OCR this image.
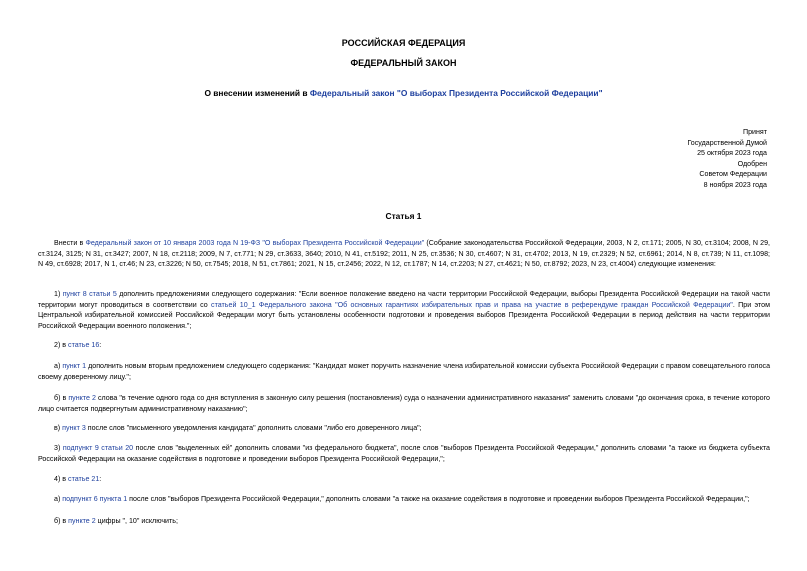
РОССИЙСКАЯ ФЕДЕРАЦИЯ
ФЕДЕРАЛЬНЫЙ ЗАКОН
О внесении изменений в Федеральный закон "О выборах Президента Российской Федерации"
Принят
Государственной Думой
25 октября 2023 года
Одобрен
Советом Федерации
8 ноября 2023 года
Статья 1

Внести в Федеральный закон от 10 января 2003 года N 19-ФЗ "О выборах Президента Российской Федерации" (Собрание законодательства Российской Федерации, 2003, N 2, ст.171; 2005, N 30, ст.3104; 2008, N 29, ст.3124, 3125; N 31, ст.3427; 2007, N 18, ст.2118; 2009, N 7, ст.771; N 29, ст.3633, 3640; 2010, N 41, ст.5192; 2011, N 25, ст.3536; N 30, ст.4607; N 31, ст.4702; 2013, N 19, ст.2329; N 52, ст.6961; 2014, N 8, ст.739; N 11, ст.1098; N 49, ст.6928; 2017, N 1, ст.46; N 23, ст.3226; N 50, ст.7545; 2018, N 51, ст.7861; 2021, N 15, ст.2456; 2022, N 12, ст.1787; N 14, ст.2203; N 27, ст.4621; N 50, ст.8792; 2023, N 23, ст.4004) следующие изменения:

1) пункт 8 статьи 5 дополнить предложениями следующего содержания: "Если военное положение введено на части территории Российской Федерации, выборы Президента Российской Федерации на такой части территории могут проводиться в соответствии со статьей 10_1 Федерального закона "Об основных гарантиях избирательных прав и права на участие в референдуме граждан Российской Федерации". При этом Центральной избирательной комиссией Российской Федерации могут быть установлены особенности подготовки и проведения выборов Президента Российской Федерации в период действия на части территории Российской Федерации военного положения.";

2) в статье 16:

а) пункт 1 дополнить новым вторым предложением следующего содержания: "Кандидат может поручить назначение члена избирательной комиссии субъекта Российской Федерации с правом совещательного голоса своему доверенному лицу.";

б) в пункте 2 слова "в течение одного года со дня вступления в законную силу решения (постановления) суда о назначении административного наказания" заменить словами "до окончания срока, в течение которого лицо считается подвергнутым административному наказанию";

в) пункт 3 после слов "письменного уведомления кандидата" дополнить словами "либо его доверенного лица";

3) подпункт 9 статьи 20 после слов "выделенных ей" дополнить словами "из федерального бюджета", после слов "выборов Президента Российской Федерации," дополнить словами "а также из бюджета субъекта Российской Федерации на оказание содействия в подготовке и проведении выборов Президента Российской Федерации,";

4) в статье 21:

а) подпункт 6 пункта 1 после слов "выборов Президента Российской Федерации," дополнить словами "а также на оказание содействия в подготовке и проведении выборов Президента Российской Федерации,";

б) в пункте 2 цифры ", 10" исключить;
